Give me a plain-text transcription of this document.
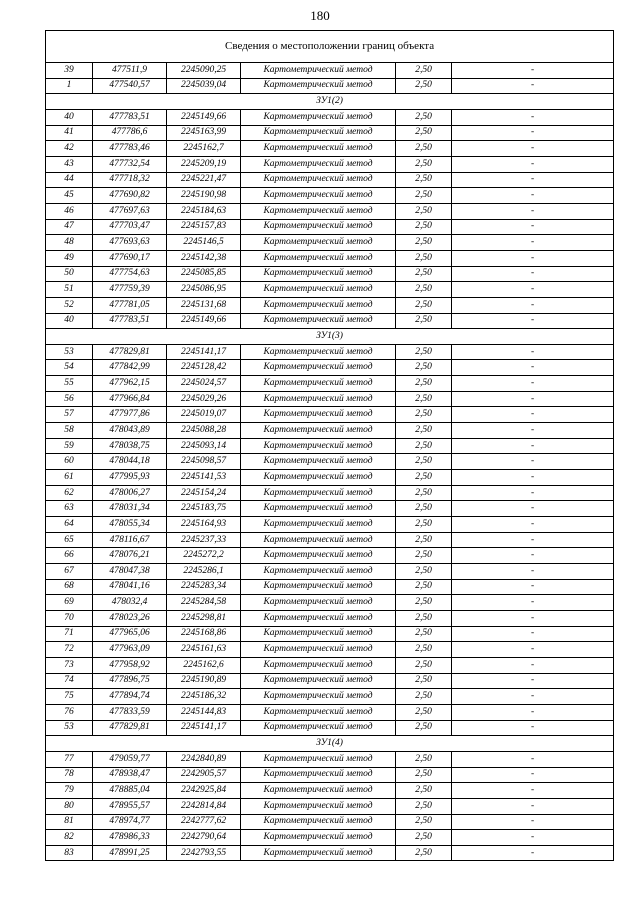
180
Сведения о местоположении границ объекта					
39	477511,9	2245090,25	Картометрический метод	2,50	-
1	477540,57	2245039,04	Картометрический метод	2,50	-
ЗУ1(2)					
40	477783,51	2245149,66	Картометрический метод	2,50	-
41	477786,6	2245163,99	Картометрический метод	2,50	-
42	477783,46	2245162,7	Картометрический метод	2,50	-
43	477732,54	2245209,19	Картометрический метод	2,50	-
44	477718,32	2245221,47	Картометрический метод	2,50	-
45	477690,82	2245190,98	Картометрический метод	2,50	-
46	477697,63	2245184,63	Картометрический метод	2,50	-
47	477703,47	2245157,83	Картометрический метод	2,50	-
48	477693,63	2245146,5	Картометрический метод	2,50	-
49	477690,17	2245142,38	Картометрический метод	2,50	-
50	477754,63	2245085,85	Картометрический метод	2,50	-
51	477759,39	2245086,95	Картометрический метод	2,50	-
52	477781,05	2245131,68	Картометрический метод	2,50	-
40	477783,51	2245149,66	Картометрический метод	2,50	-
ЗУ1(3)					
53	477829,81	2245141,17	Картометрический метод	2,50	-
54	477842,99	2245128,42	Картометрический метод	2,50	-
55	477962,15	2245024,57	Картометрический метод	2,50	-
56	477966,84	2245029,26	Картометрический метод	2,50	-
57	477977,86	2245019,07	Картометрический метод	2,50	-
58	478043,89	2245088,28	Картометрический метод	2,50	-
59	478038,75	2245093,14	Картометрический метод	2,50	-
60	478044,18	2245098,57	Картометрический метод	2,50	-
61	477995,93	2245141,53	Картометрический метод	2,50	-
62	478006,27	2245154,24	Картометрический метод	2,50	-
63	478031,34	2245183,75	Картометрический метод	2,50	-
64	478055,34	2245164,93	Картометрический метод	2,50	-
65	478116,67	2245237,33	Картометрический метод	2,50	-
66	478076,21	2245272,2	Картометрический метод	2,50	-
67	478047,38	2245286,1	Картометрический метод	2,50	-
68	478041,16	2245283,34	Картометрический метод	2,50	-
69	478032,4	2245284,58	Картометрический метод	2,50	-
70	478023,26	2245298,81	Картометрический метод	2,50	-
71	477965,06	2245168,86	Картометрический метод	2,50	-
72	477963,09	2245161,63	Картометрический метод	2,50	-
73	477958,92	2245162,6	Картометрический метод	2,50	-
74	477896,75	2245190,89	Картометрический метод	2,50	-
75	477894,74	2245186,32	Картометрический метод	2,50	-
76	477833,59	2245144,83	Картометрический метод	2,50	-
53	477829,81	2245141,17	Картометрический метод	2,50	-
ЗУ1(4)					
77	479059,77	2242840,89	Картометрический метод	2,50	-
78	478938,47	2242905,57	Картометрический метод	2,50	-
79	478885,04	2242925,84	Картометрический метод	2,50	-
80	478955,57	2242814,84	Картометрический метод	2,50	-
81	478974,77	2242777,62	Картометрический метод	2,50	-
82	478986,33	2242790,64	Картометрический метод	2,50	-
83	478991,25	2242793,55	Картометрический метод	2,50	-
